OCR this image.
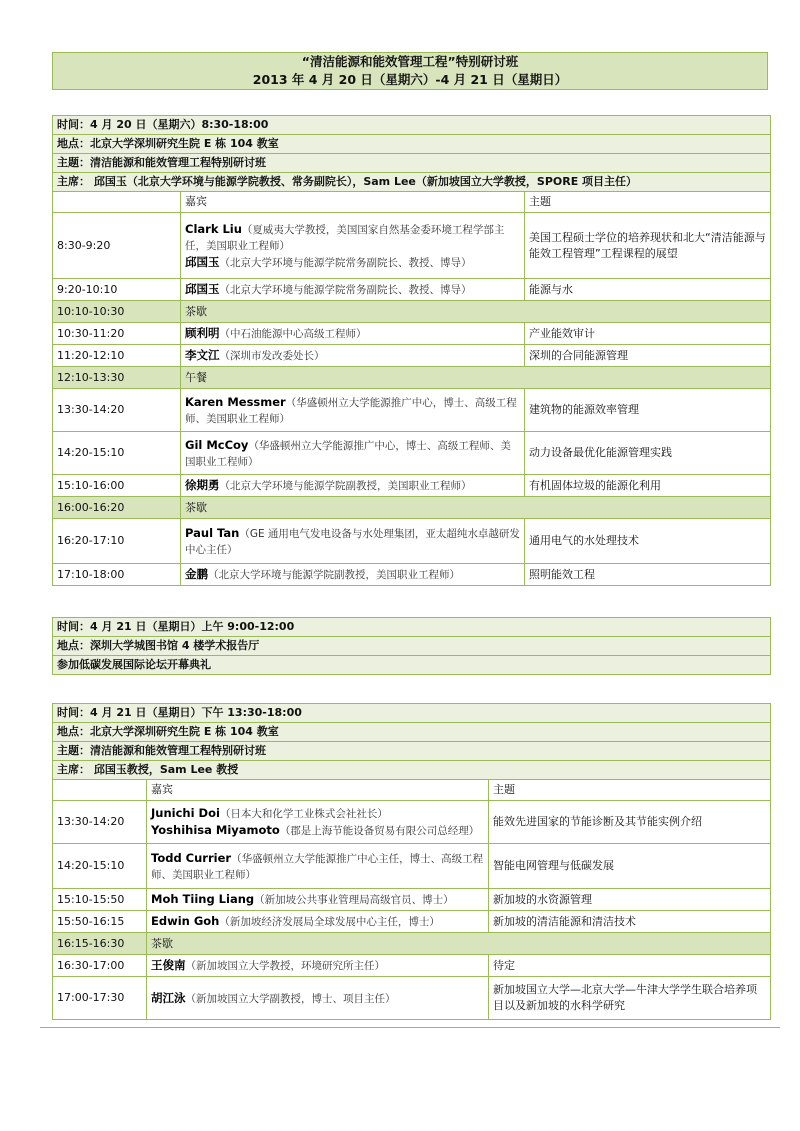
“清洁能源和能效管理工程”特别研讨班
2013 年 4 月 20 日（星期六）-4 月 21 日（星期日）
时间：4 月 20 日（星期六）8:30-18:00		
地点：北京大学深圳研究生院 E 栋 104 教室		
主题：清洁能源和能效管理工程特别研讨班		
主席： 邱国玉（北京大学环境与能源学院教授、常务副院长），Sam Lee（新加坡国立大学教授，SPORE 项目主任）		
	嘉宾	主题
8:30-9:20	Clark Liu（夏威夷大学教授，美国国家自然基金委环境工程学部主任，美国职业工程师）
邱国玉（北京大学环境与能源学院常务副院长、教授、博导）	美国工程硕士学位的培养现状和北大“清洁能源与能效工程管理”工程课程的展望
9:20-10:10	邱国玉（北京大学环境与能源学院常务副院长、教授、博导）	能源与水
10:10-10:30	茶歇	
10:30-11:20	顾利明（中石油能源中心高级工程师）	产业能效审计
11:20-12:10	李文江（深圳市发改委处长）	深圳的合同能源管理
12:10-13:30	午餐	
13:30-14:20	Karen Messmer（华盛顿州立大学能源推广中心，博士、高级工程师、美国职业工程师）	建筑物的能源效率管理
14:20-15:10	Gil McCoy（华盛顿州立大学能源推广中心，博士、高级工程师、美国职业工程师）	动力设备最优化能源管理实践
15:10-16:00	徐期勇（北京大学环境与能源学院副教授，美国职业工程师）	有机固体垃圾的能源化利用
16:00-16:20	茶歇	
16:20-17:10	Paul Tan（GE 通用电气发电设备与水处理集团，亚太超纯水卓越研发中心主任）	通用电气的水处理技术
17:10-18:00	金鹏（北京大学环境与能源学院副教授，美国职业工程师）	照明能效工程
时间：4 月 21 日（星期日）上午 9:00-12:00
地点：深圳大学城图书馆 4 楼学术报告厅
参加低碳发展国际论坛开幕典礼
时间：4 月 21 日（星期日）下午 13:30-18:00		
地点：北京大学深圳研究生院 E 栋 104 教室		
主题：清洁能源和能效管理工程特别研讨班		
主席： 邱国玉教授，Sam Lee 教授		
	嘉宾	主题
13:30-14:20	Junichi Doi（日本大和化学工业株式会社社长）
Yoshihisa Miyamoto（郡是上海节能设备贸易有限公司总经理）	能效先进国家的节能诊断及其节能实例介绍
14:20-15:10	Todd Currier（华盛顿州立大学能源推广中心主任，博士、高级工程师、美国职业工程师）	智能电网管理与低碳发展
15:10-15:50	Moh Tiing Liang（新加坡公共事业管理局高级官员、博士）	新加坡的水资源管理
15:50-16:15	Edwin Goh（新加坡经济发展局全球发展中心主任，博士）	新加坡的清洁能源和清洁技术
16:15-16:30	茶歇	
16:30-17:00	王俊南（新加坡国立大学教授，环境研究所主任）	待定
17:00-17:30	胡江泳（新加坡国立大学副教授，博士、项目主任）	新加坡国立大学—北京大学—牛津大学学生联合培养项目以及新加坡的水科学研究
